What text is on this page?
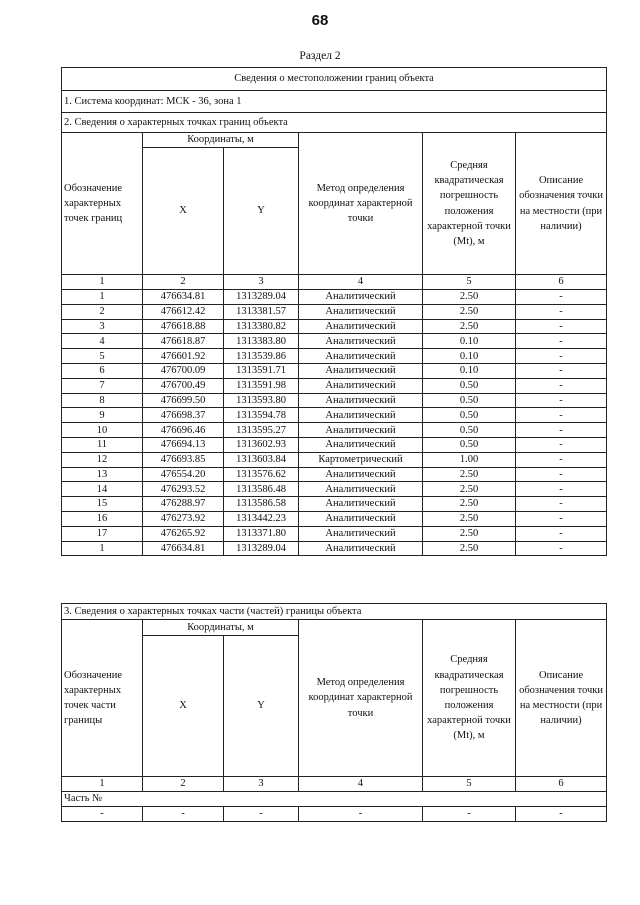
68
Раздел 2
Сведения о местоположении границ объекта					
1. Система координат: МСК - 36, зона 1					
2. Сведения о характерных точках границ объекта					
Обозначение характерных точек границ	Координаты, м		Метод определения координат характерной точки	Средняя квадратическая погрешность положения характерной точки (Mt), м	Описание обозначения точки на местности (при наличии)
	X	Y			
1	2	3	4	5	6
1	476634.81	1313289.04	Аналитический	2.50	-
2	476612.42	1313381.57	Аналитический	2.50	-
3	476618.88	1313380.82	Аналитический	2.50	-
4	476618.87	1313383.80	Аналитический	0.10	-
5	476601.92	1313539.86	Аналитический	0.10	-
6	476700.09	1313591.71	Аналитический	0.10	-
7	476700.49	1313591.98	Аналитический	0.50	-
8	476699.50	1313593.80	Аналитический	0.50	-
9	476698.37	1313594.78	Аналитический	0.50	-
10	476696.46	1313595.27	Аналитический	0.50	-
11	476694.13	1313602.93	Аналитический	0.50	-
12	476693.85	1313603.84	Картометрический	1.00	-
13	476554.20	1313576.62	Аналитический	2.50	-
14	476293.52	1313586.48	Аналитический	2.50	-
15	476288.97	1313586.58	Аналитический	2.50	-
16	476273.92	1313442.23	Аналитический	2.50	-
17	476265.92	1313371.80	Аналитический	2.50	-
1	476634.81	1313289.04	Аналитический	2.50	-
3. Сведения о характерных точках части (частей) границы объекта					
Обозначение характерных точек части границы	Координаты, м		Метод определения координат характерной точки	Средняя квадратическая погрешность положения характерной точки (Mt), м	Описание обозначения точки на местности (при наличии)
	X	Y			
1	2	3	4	5	6
Часть №					
-	-	-	-	-	-
